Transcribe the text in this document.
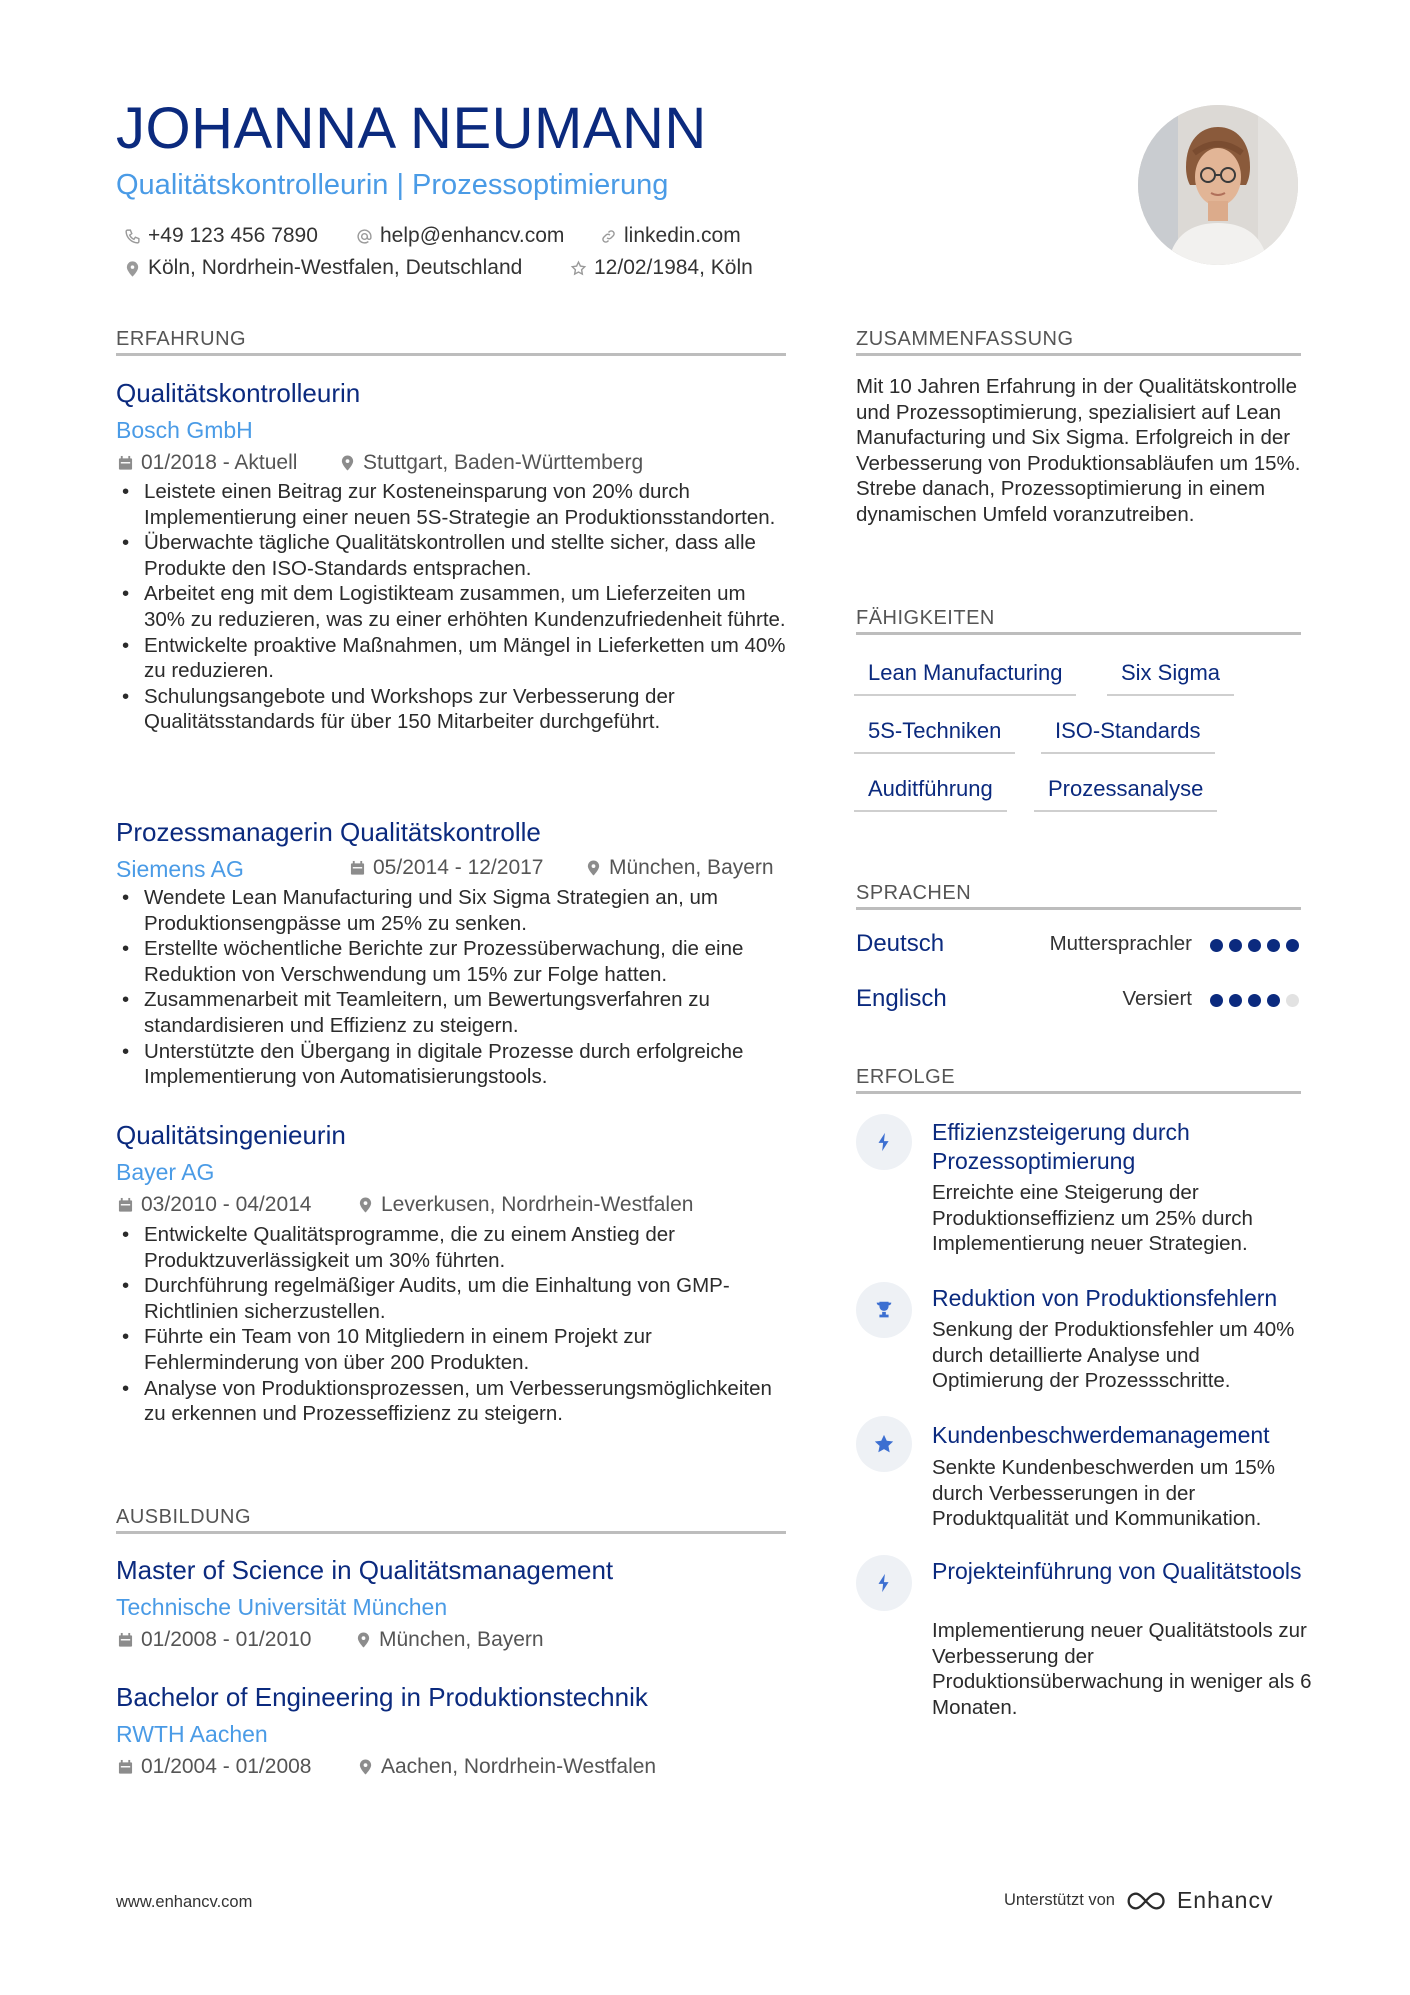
JOHANNA NEUMANN
Qualitätskontrolleurin | Prozessoptimierung
+49 123 456 7890	help@enhancv.com	linkedin.com
Köln, Nordrhein-Westfalen, Deutschland	12/02/1984, Köln
ERFAHRUNG
Qualitätskontrolleurin
Bosch GmbH
01/2018 - Aktuell	Stuttgart, Baden-Württemberg
• Leistete einen Beitrag zur Kosteneinsparung von 20% durch Implementierung einer neuen 5S-Strategie an Produktionsstandorten.
• Überwachte tägliche Qualitätskontrollen und stellte sicher, dass alle Produkte den ISO-Standards entsprachen.
• Arbeitet eng mit dem Logistikteam zusammen, um Lieferzeiten um 30% zu reduzieren, was zu einer erhöhten Kundenzufriedenheit führte.
• Entwickelte proaktive Maßnahmen, um Mängel in Lieferketten um 40% zu reduzieren.
• Schulungsangebote und Workshops zur Verbesserung der Qualitätsstandards für über 150 Mitarbeiter durchgeführt.
Prozessmanagerin Qualitätskontrolle
Siemens AG	05/2014 - 12/2017	München, Bayern
• Wendete Lean Manufacturing und Six Sigma Strategien an, um Produktionsengpässe um 25% zu senken.
• Erstellte wöchentliche Berichte zur Prozessüberwachung, die eine Reduktion von Verschwendung um 15% zur Folge hatten.
• Zusammenarbeit mit Teamleitern, um Bewertungsverfahren zu standardisieren und Effizienz zu steigern.
• Unterstützte den Übergang in digitale Prozesse durch erfolgreiche Implementierung von Automatisierungstools.
Qualitätsingenieurin
Bayer AG
03/2010 - 04/2014	Leverkusen, Nordrhein-Westfalen
• Entwickelte Qualitätsprogramme, die zu einem Anstieg der Produktzuverlässigkeit um 30% führten.
• Durchführung regelmäßiger Audits, um die Einhaltung von GMP-Richtlinien sicherzustellen.
• Führte ein Team von 10 Mitgliedern in einem Projekt zur Fehlerminderung von über 200 Produkten.
• Analyse von Produktionsprozessen, um Verbesserungsmöglichkeiten zu erkennen und Prozesseffizienz zu steigern.
AUSBILDUNG
Master of Science in Qualitätsmanagement
Technische Universität München
01/2008 - 01/2010	München, Bayern
Bachelor of Engineering in Produktionstechnik
RWTH Aachen
01/2004 - 01/2008	Aachen, Nordrhein-Westfalen
ZUSAMMENFASSUNG
Mit 10 Jahren Erfahrung in der Qualitätskontrolle und Prozessoptimierung, spezialisiert auf Lean Manufacturing und Six Sigma. Erfolgreich in der Verbesserung von Produktionsabläufen um 15%. Strebe danach, Prozessoptimierung in einem dynamischen Umfeld voranzutreiben.
FÄHIGKEITEN
Lean Manufacturing	Six Sigma
5S-Techniken	ISO-Standards
Auditführung	Prozessanalyse
SPRACHEN
Deutsch	Muttersprachler
Englisch	Versiert
ERFOLGE
Effizienzsteigerung durch Prozessoptimierung
Erreichte eine Steigerung der Produktionseffizienz um 25% durch Implementierung neuer Strategien.
Reduktion von Produktionsfehlern
Senkung der Produktionsfehler um 40% durch detaillierte Analyse und Optimierung der Prozessschritte.
Kundenbeschwerdemanagement
Senkte Kundenbeschwerden um 15% durch Verbesserungen in der Produktqualität und Kommunikation.
Projekteinführung von Qualitätstools
Implementierung neuer Qualitätstools zur Verbesserung der Produktionsüberwachung in weniger als 6 Monaten.
www.enhancv.com	Unterstützt von	Enhancv
